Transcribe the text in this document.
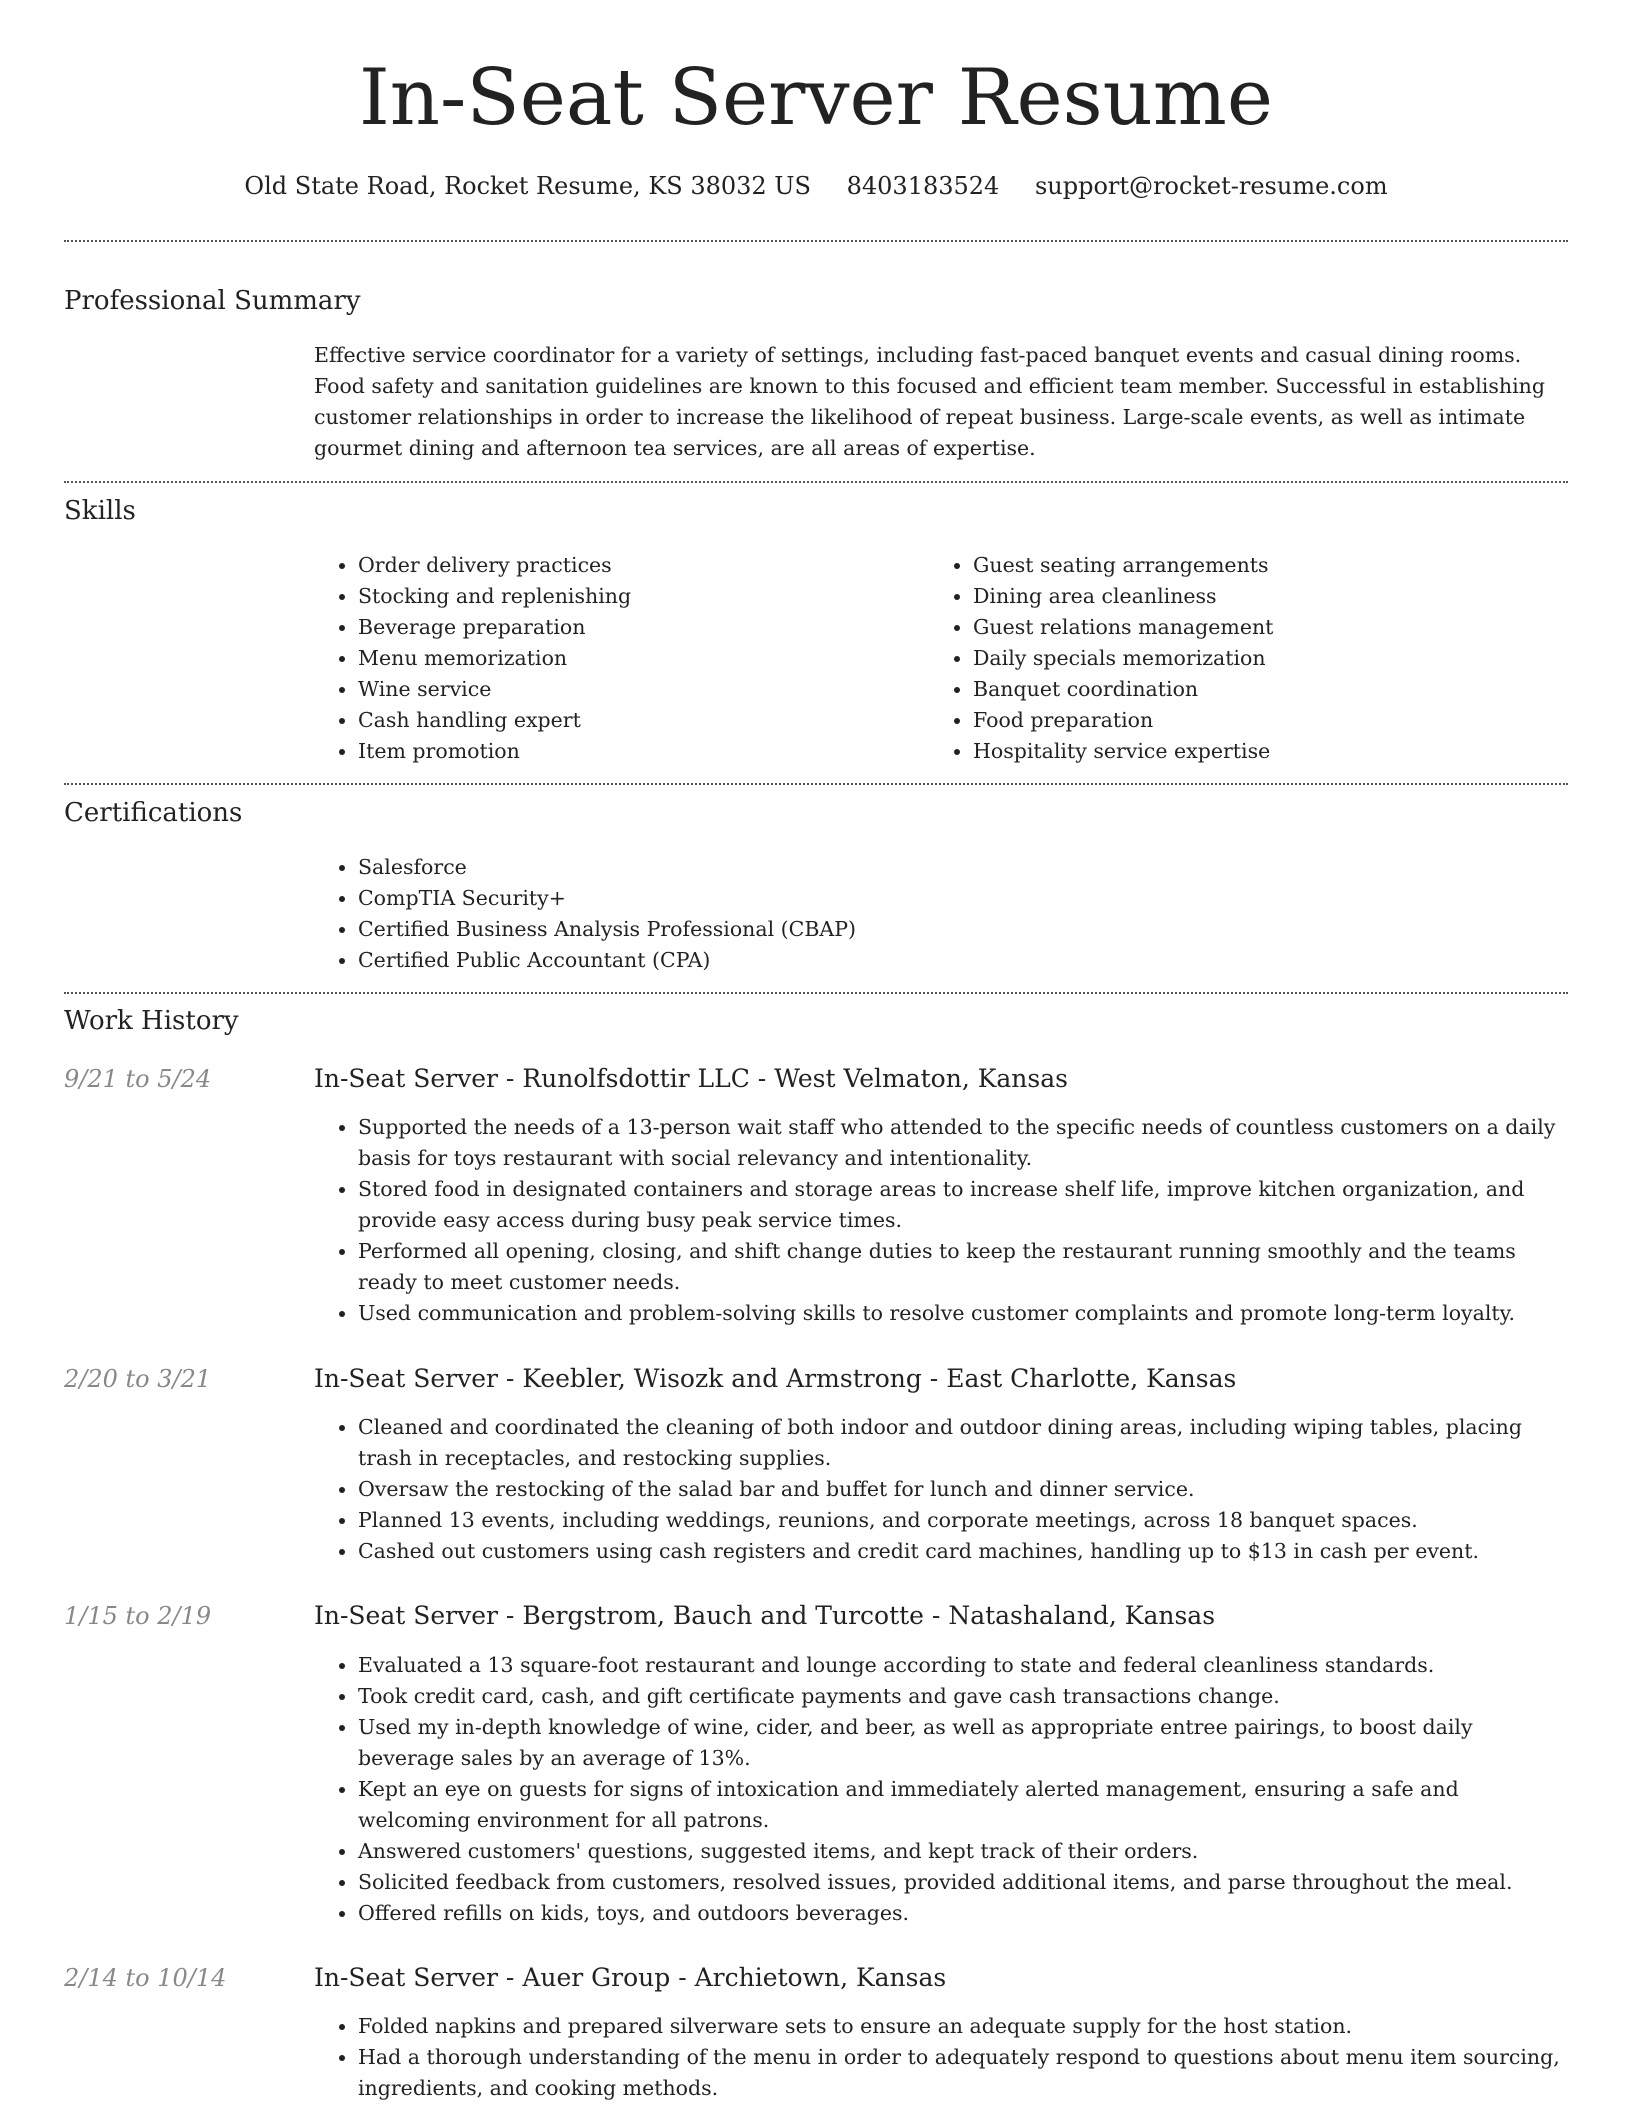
In-Seat Server Resume
Old State Road, Rocket Resume, KS 38032 US 8403183524 support@rocket-resume.com
Professional Summary

Effective service coordinator for a variety of settings, including fast-paced banquet events and casual dining rooms. Food safety and sanitation guidelines are known to this focused and efficient team member. Successful in establishing customer relationships in order to increase the likelihood of repeat business. Large-scale events, as well as intimate gourmet dining and afternoon tea services, are all areas of expertise.

Skills
• Order delivery practices
• Stocking and replenishing
• Beverage preparation
• Menu memorization
• Wine service
• Cash handling expert
• Item promotion
• Guest seating arrangements
• Dining area cleanliness
• Guest relations management
• Daily specials memorization
• Banquet coordination
• Food preparation
• Hospitality service expertise
Certifications
• Salesforce
• CompTIA Security+
• Certified Business Analysis Professional (CBAP)
• Certified Public Accountant (CPA)
Work History
9/21 to 5/24	In-Seat Server - Runolfsdottir LLC - West Velmaton, Kansas
• Supported the needs of a 13-person wait staff who attended to the specific needs of countless customers on a daily basis for toys restaurant with social relevancy and intentionality.
• Stored food in designated containers and storage areas to increase shelf life, improve kitchen organization, and provide easy access during busy peak service times.
• Performed all opening, closing, and shift change duties to keep the restaurant running smoothly and the teams ready to meet customer needs.
• Used communication and problem-solving skills to resolve customer complaints and promote long-term loyalty.
2/20 to 3/21	In-Seat Server - Keebler, Wisozk and Armstrong - East Charlotte, Kansas
• Cleaned and coordinated the cleaning of both indoor and outdoor dining areas, including wiping tables, placing trash in receptacles, and restocking supplies.
• Oversaw the restocking of the salad bar and buffet for lunch and dinner service.
• Planned 13 events, including weddings, reunions, and corporate meetings, across 18 banquet spaces.
• Cashed out customers using cash registers and credit card machines, handling up to $13 in cash per event.
1/15 to 2/19	In-Seat Server - Bergstrom, Bauch and Turcotte - Natashaland, Kansas
• Evaluated a 13 square-foot restaurant and lounge according to state and federal cleanliness standards.
• Took credit card, cash, and gift certificate payments and gave cash transactions change.
• Used my in-depth knowledge of wine, cider, and beer, as well as appropriate entree pairings, to boost daily beverage sales by an average of 13%.
• Kept an eye on guests for signs of intoxication and immediately alerted management, ensuring a safe and welcoming environment for all patrons.
• Answered customers' questions, suggested items, and kept track of their orders.
• Solicited feedback from customers, resolved issues, provided additional items, and parse throughout the meal.
• Offered refills on kids, toys, and outdoors beverages.
2/14 to 10/14	In-Seat Server - Auer Group - Archietown, Kansas
• Folded napkins and prepared silverware sets to ensure an adequate supply for the host station.
• Had a thorough understanding of the menu in order to adequately respond to questions about menu item sourcing, ingredients, and cooking methods.
